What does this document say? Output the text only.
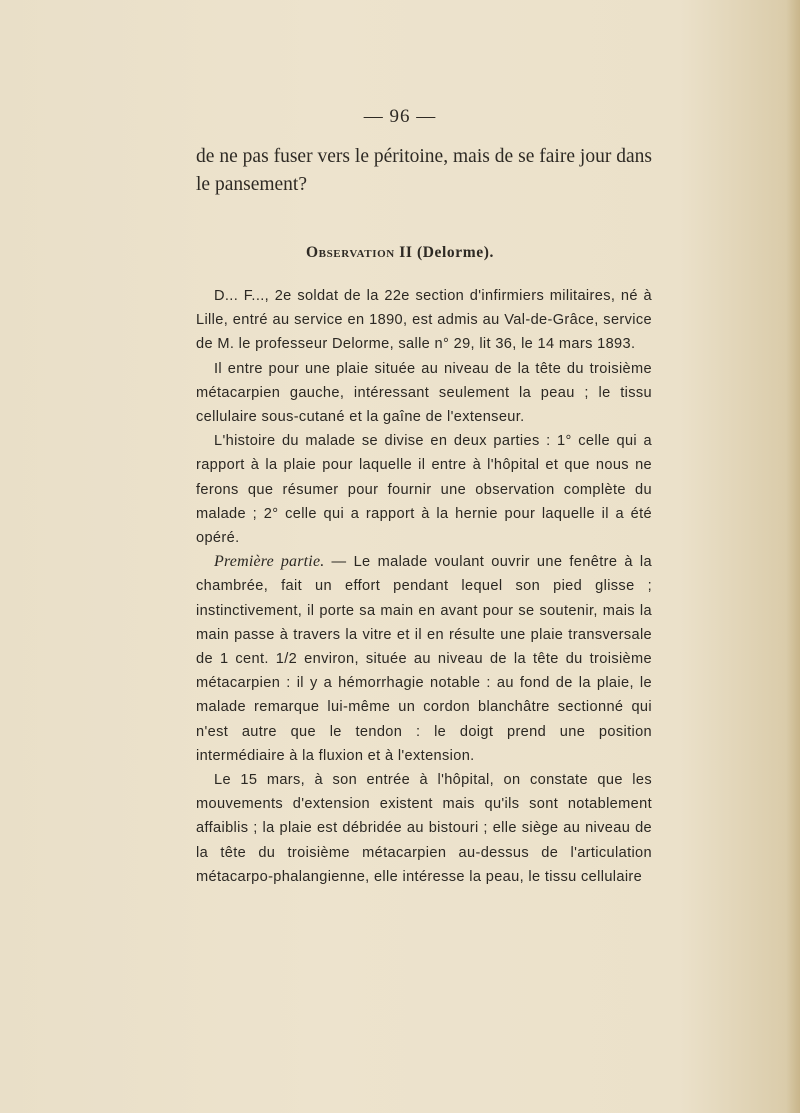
— 96 —

de ne pas fuser vers le péritoine, mais de se faire jour dans le pansement?

Observation II (Delorme).

D... F..., 2e soldat de la 22e section d'infirmiers militaires, né à Lille, entré au service en 1890, est admis au Val-de-Grâce, service de M. le professeur Delorme, salle n° 29, lit 36, le 14 mars 1893.

Il entre pour une plaie située au niveau de la tête du troisième métacarpien gauche, intéressant seulement la peau ; le tissu cellulaire sous-cutané et la gaîne de l'extenseur.

L'histoire du malade se divise en deux parties : 1° celle qui a rapport à la plaie pour laquelle il entre à l'hôpital et que nous ne ferons que résumer pour fournir une observation complète du malade ; 2° celle qui a rapport à la hernie pour laquelle il a été opéré.

Première partie. — Le malade voulant ouvrir une fenêtre à la chambrée, fait un effort pendant lequel son pied glisse ; instinctivement, il porte sa main en avant pour se soutenir, mais la main passe à travers la vitre et il en résulte une plaie transversale de 1 cent. 1/2 environ, située au niveau de la tête du troisième métacarpien : il y a hémorrhagie notable : au fond de la plaie, le malade remarque lui-même un cordon blanchâtre sectionné qui n'est autre que le tendon : le doigt prend une position intermédiaire à la fluxion et à l'extension.

Le 15 mars, à son entrée à l'hôpital, on constate que les mouvements d'extension existent mais qu'ils sont notablement affaiblis ; la plaie est débridée au bistouri ; elle siège au niveau de la tête du troisième métacarpien au-dessus de l'articulation métacarpo-phalangienne, elle intéresse la peau, le tissu cellulaire
